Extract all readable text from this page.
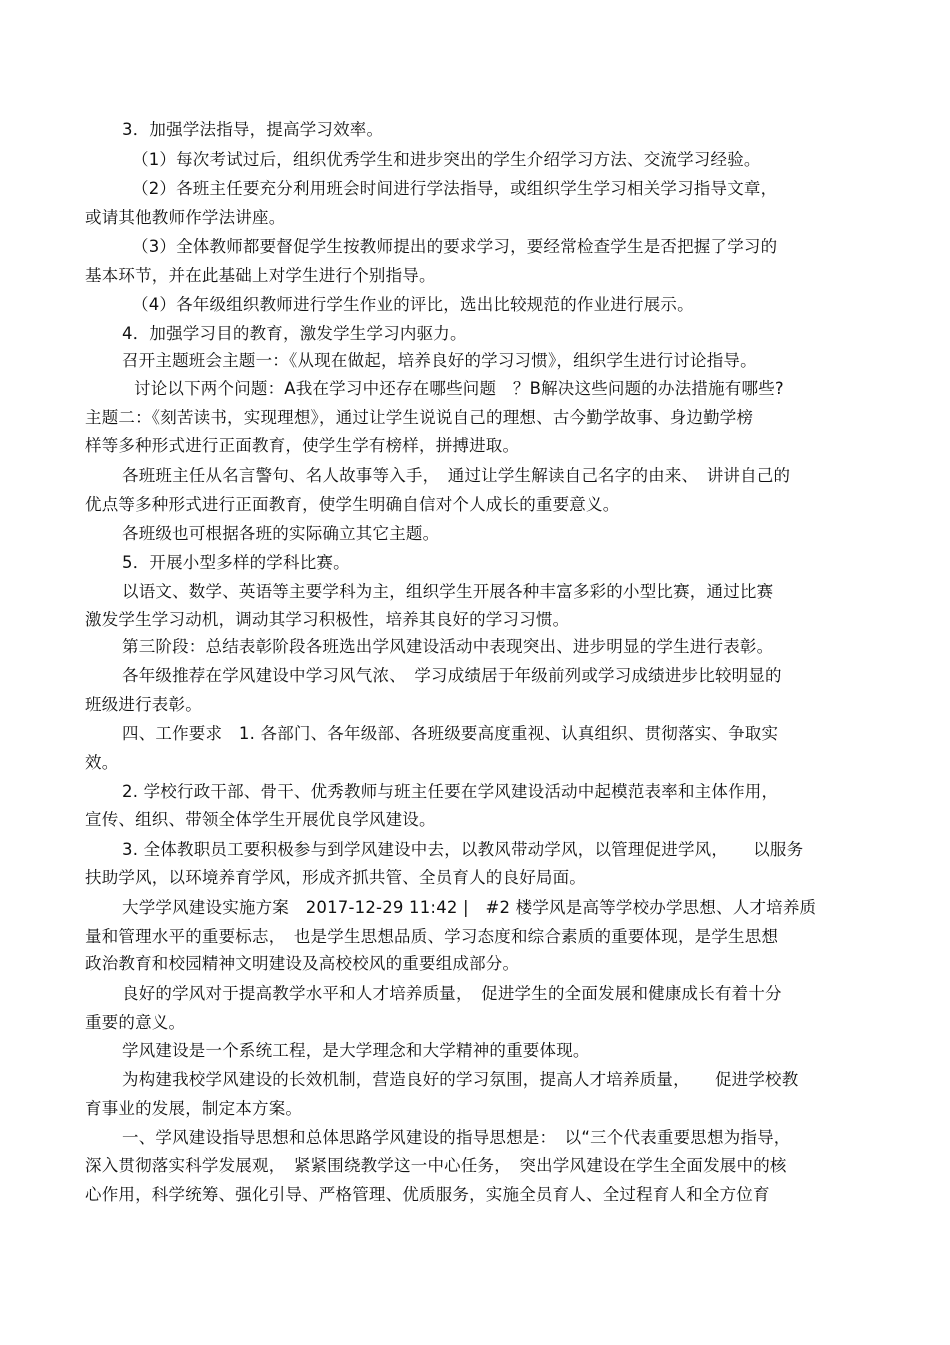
3．加强学法指导，提高学习效率。
（1）每次考试过后，组织优秀学生和进步突出的学生介绍学习方法、交流学习经验。
（2）各班主任要充分利用班会时间进行学法指导，或组织学生学习相关学习指导文章，
或请其他教师作学法讲座。
（3）全体教师都要督促学生按教师提出的要求学习，要经常检查学生是否把握了学习的
基本环节，并在此基础上对学生进行个别指导。
（4）各年级组织教师进行学生作业的评比，选出比较规范的作业进行展示。
4．加强学习目的教育，激发学生学习内驱力。
召开主题班会主题一：《从现在做起，培养良好的学习习惯》，组织学生进行讨论指导。
讨论以下两个问题：A我在学习中还存在哪些问题　？B解决这些问题的办法措施有哪些?
主题二：《刻苦读书，实现理想》，通过让学生说说自己的理想、古今勤学故事、身边勤学榜
样等多种形式进行正面教育，使学生学有榜样，拼搏进取。
各班班主任从名言警句、名人故事等入手，　通过让学生解读自己名字的由来、　讲讲自己的
优点等多种形式进行正面教育，使学生明确自信对个人成长的重要意义。
各班级也可根据各班的实际确立其它主题。
5．开展小型多样的学科比赛。
以语文、数学、英语等主要学科为主，组织学生开展各种丰富多彩的小型比赛，通过比赛
激发学生学习动机，调动其学习积极性，培养其良好的学习习惯。
第三阶段：总结表彰阶段各班选出学风建设活动中表现突出、进步明显的学生进行表彰。
各年级推荐在学风建设中学习风气浓、　学习成绩居于年级前列或学习成绩进步比较明显的
班级进行表彰。
四、工作要求　1. 各部门、各年级部、各班级要高度重视、认真组织、贯彻落实、争取实
效。
2. 学校行政干部、骨干、优秀教师与班主任要在学风建设活动中起模范表率和主体作用，
宣传、组织、带领全体学生开展优良学风建设。
3. 全体教职员工要积极参与到学风建设中去，以教风带动学风，以管理促进学风，　　以服务
扶助学风，以环境养育学风，形成齐抓共管、全员育人的良好局面。
大学学风建设实施方案　2017-12-29 11:42 |　#2 楼学风是高等学校办学思想、人才培养质
量和管理水平的重要标志，　也是学生思想品质、学习态度和综合素质的重要体现，是学生思想
政治教育和校园精神文明建设及高校校风的重要组成部分。
良好的学风对于提高教学水平和人才培养质量，　促进学生的全面发展和健康成长有着十分
重要的意义。
学风建设是一个系统工程，是大学理念和大学精神的重要体现。
为构建我校学风建设的长效机制，营造良好的学习氛围，提高人才培养质量，　　促进学校教
育事业的发展，制定本方案。
一、学风建设指导思想和总体思路学风建设的指导思想是：　以“三个代表重要思想为指导，
深入贯彻落实科学发展观，　紧紧围绕教学这一中心任务，　突出学风建设在学生全面发展中的核
心作用，科学统筹、强化引导、严格管理、优质服务，实施全员育人、全过程育人和全方位育
